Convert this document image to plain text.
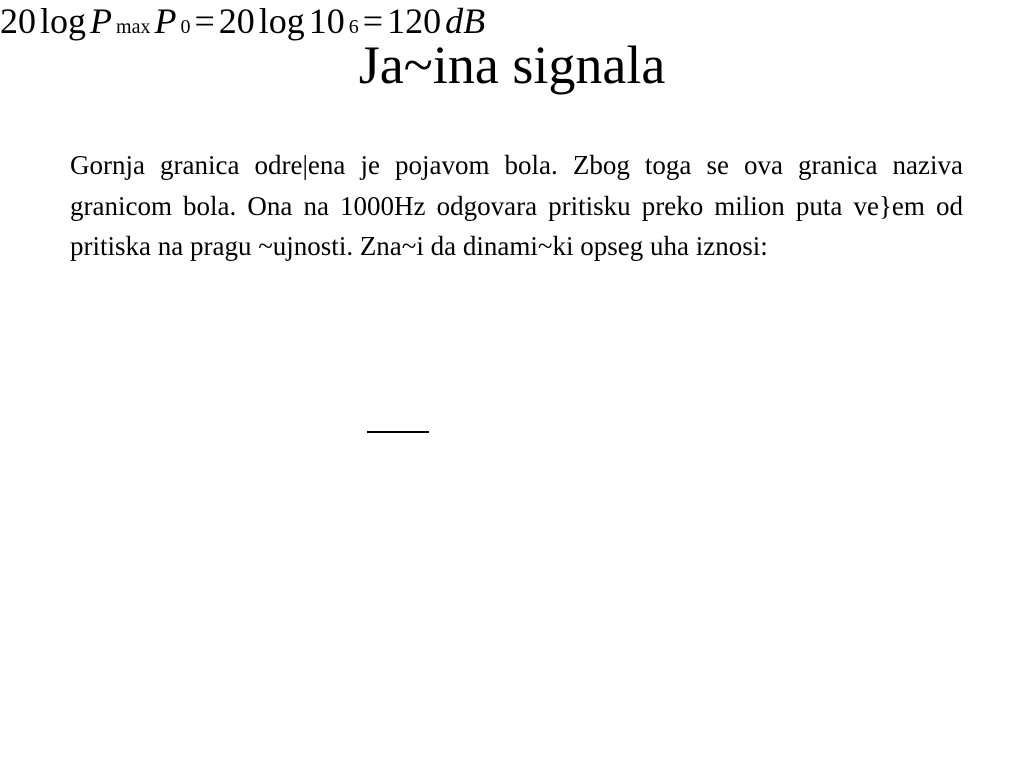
Ja~ina signala

Gornja granica odre|ena je pojavom bola. Zbog toga se ova granica naziva granicom bola. Ona na 1000Hz odgovara pritisku preko milion puta ve}em od pritiska na pragu ~ujnosti. Zna~i da dinami~ki opseg uha iznosi:

20 log P max P 0 = 20 log 10 6 = 120 dB
